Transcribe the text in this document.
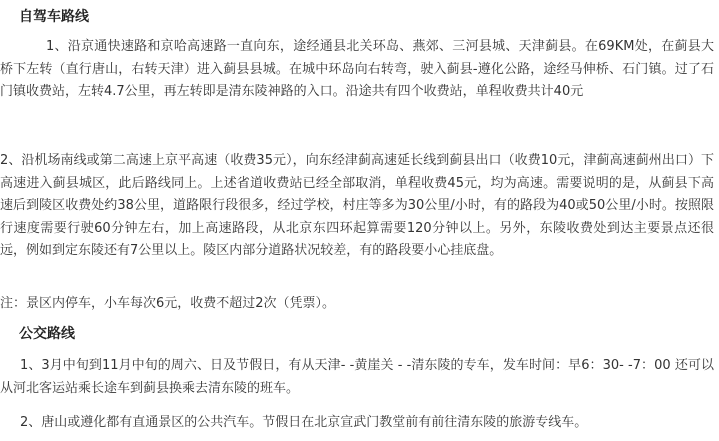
自驾车路线

1、沿京通快速路和京哈高速路一直向东，途经通县北关环岛、燕郊、三河县城、天津蓟县。在69KM处，在蓟县大桥下左转（直行唐山，右转天津）进入蓟县县城。在城中环岛向右转弯，驶入蓟县-遵化公路，途经马伸桥、石门镇。过了石门镇收费站，左转4.7公里，再左转即是清东陵神路的入口。沿途共有四个收费站，单程收费共计40元

2、沿机场南线或第二高速上京平高速（收费35元），向东经津蓟高速延长线到蓟县出口（收费10元，津蓟高速蓟州出口）下高速进入蓟县城区，此后路线同上。上述省道收费站已经全部取消，单程收费45元，均为高速。需要说明的是，从蓟县下高速后到陵区收费处约38公里，道路限行段很多，经过学校，村庄等多为30公里/小时，有的路段为40或50公里/小时。按照限行速度需要行驶60分钟左右，加上高速路段，从北京东四环起算需要120分钟以上。另外，东陵收费处到达主要景点还很远，例如到定东陵还有7公里以上。陵区内部分道路状况较差，有的路段要小心挂底盘。

注：景区内停车，小车每次6元，收费不超过2次（凭票）。

公交路线

1、3月中旬到11月中旬的周六、日及节假日，有从天津- -黄崖关 - -清东陵的专车，发车时间：早6：30- -7：00 还可以从河北客运站乘长途车到蓟县换乘去清东陵的班车。

2、唐山或遵化都有直通景区的公共汽车。节假日在北京宣武门教堂前有前往清东陵的旅游专线车。
